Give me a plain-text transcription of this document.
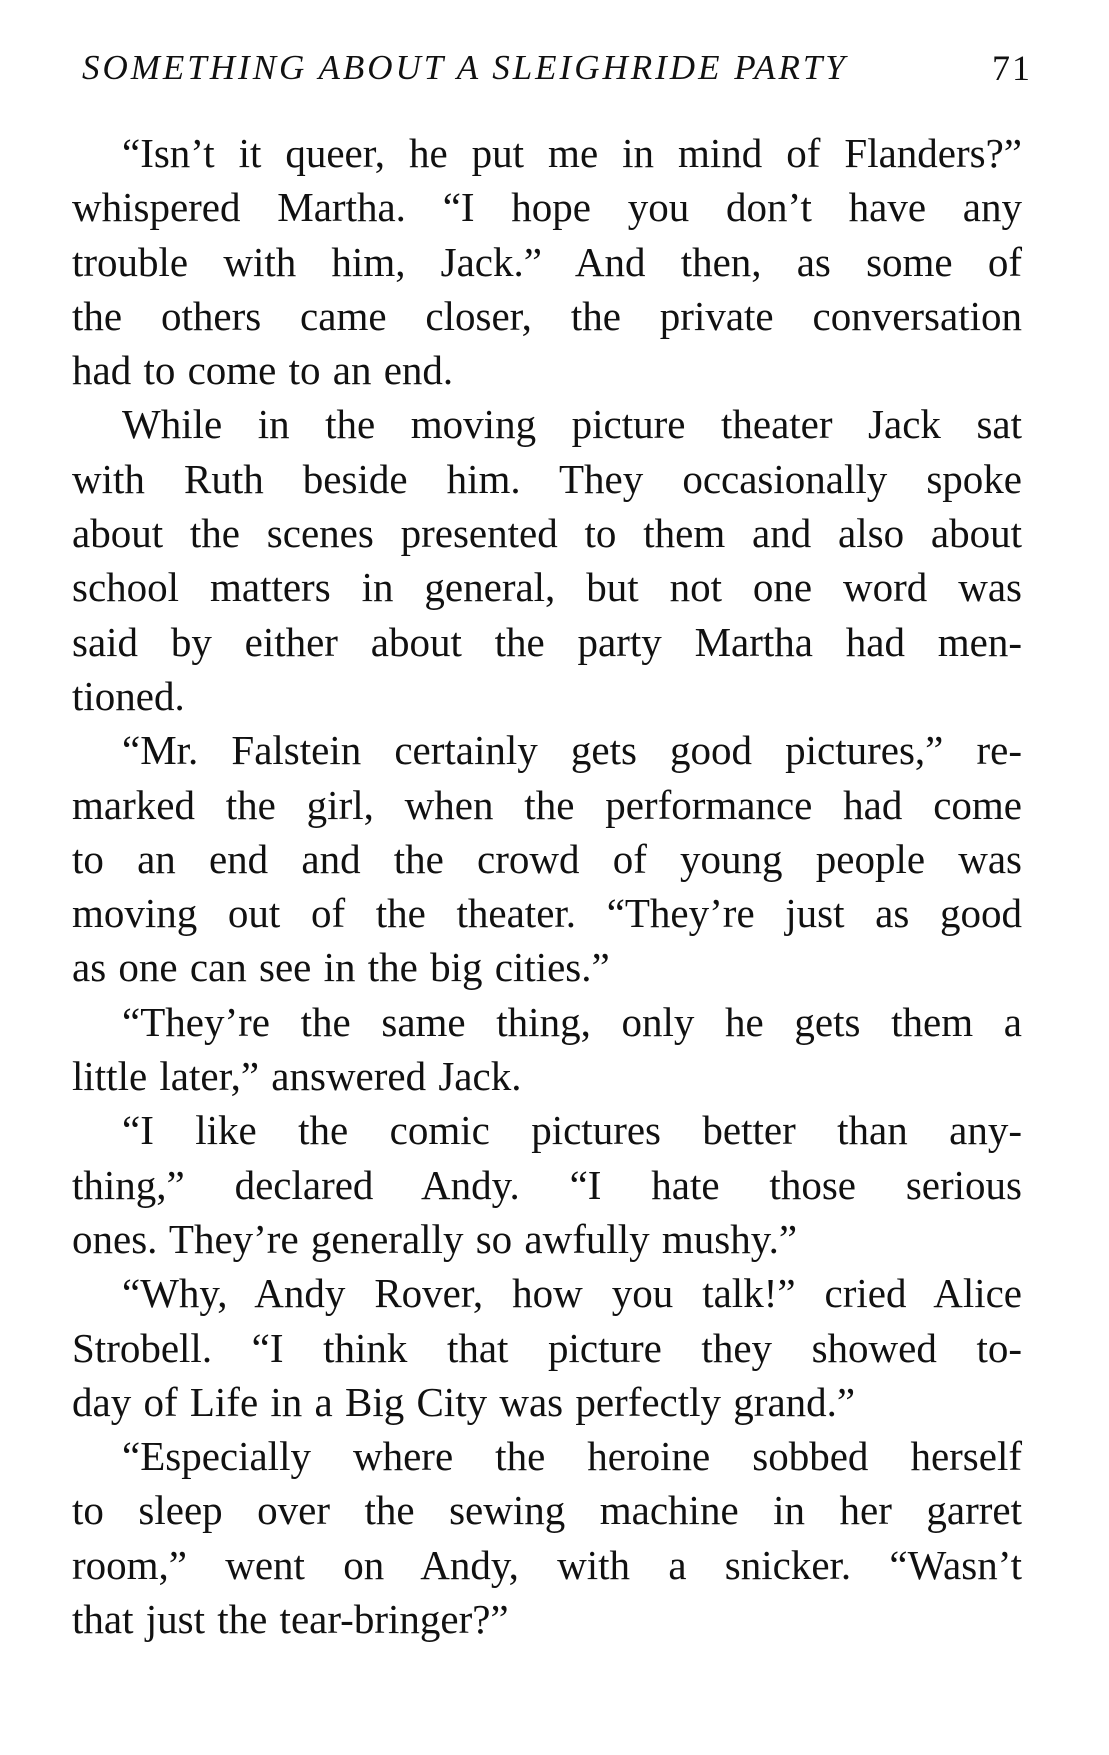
SOMETHING ABOUT A SLEIGHRIDE PARTY	71

“Isn’t it queer, he put me in mind of Flanders?”
whispered Martha. “I hope you don’t have any
trouble with him, Jack.” And then, as some of
the others came closer, the private conversation
had to come to an end.

While in the moving picture theater Jack sat
with Ruth beside him. They occasionally spoke
about the scenes presented to them and also about
school matters in general, but not one word was
said by either about the party Martha had men-
tioned.

“Mr. Falstein certainly gets good pictures,” re-
marked the girl, when the performance had come
to an end and the crowd of young people was
moving out of the theater. “They’re just as good
as one can see in the big cities.”

“They’re the same thing, only he gets them a
little later,” answered Jack.

“I like the comic pictures better than any-
thing,” declared Andy. “I hate those serious
ones. They’re generally so awfully mushy.”

“Why, Andy Rover, how you talk!” cried Alice
Strobell. “I think that picture they showed to-
day of Life in a Big City was perfectly grand.”

“Especially where the heroine sobbed herself
to sleep over the sewing machine in her garret
room,” went on Andy, with a snicker. “Wasn’t
that just the tear-bringer?”
